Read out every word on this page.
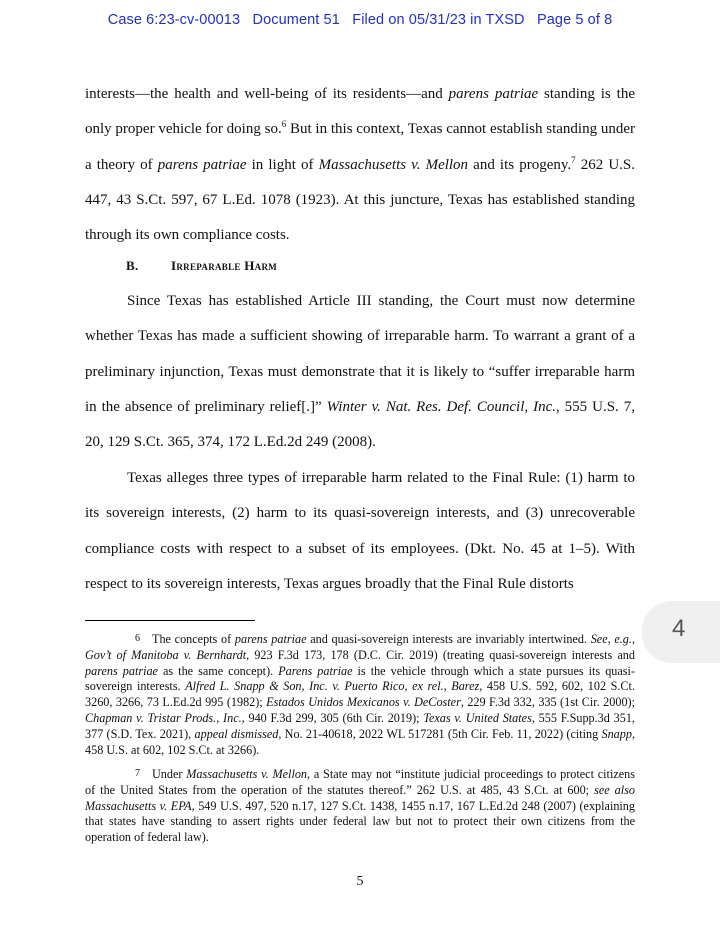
Case 6:23-cv-00013 Document 51 Filed on 05/31/23 in TXSD Page 5 of 8

interests—the health and well-being of its residents—and parens patriae standing is the only proper vehicle for doing so.$^6$ But in this context, Texas cannot establish standing under a theory of parens patriae in light of Massachusetts v. Mellon and its progeny.$^7$ 262 U.S. 447, 43 S.Ct. 597, 67 L.Ed. 1078 (1923). At this juncture, Texas has established standing through its own compliance costs.

B. Irreparable Harm

Since Texas has established Article III standing, the Court must now determine whether Texas has made a sufficient showing of irreparable harm. To warrant a grant of a preliminary injunction, Texas must demonstrate that it is likely to “suffer irreparable harm in the absence of preliminary relief[.]” Winter v. Nat. Res. Def. Council, Inc., 555 U.S. 7, 20, 129 S.Ct. 365, 374, 172 L.Ed.2d 249 (2008).

Texas alleges three types of irreparable harm related to the Final Rule: (1) harm to its sovereign interests, (2) harm to its quasi-sovereign interests, and (3) unrecoverable compliance costs with respect to a subset of its employees. (Dkt. No. 45 at 1–5). With respect to its sovereign interests, Texas argues broadly that the Final Rule distorts

6 The concepts of parens patriae and quasi-sovereign interests are invariably intertwined. See, e.g., Gov’t of Manitoba v. Bernhardt, 923 F.3d 173, 178 (D.C. Cir. 2019) (treating quasi-sovereign interests and parens patriae as the same concept). Parens patriae is the vehicle through which a state pursues its quasi-sovereign interests. Alfred L. Snapp & Son, Inc. v. Puerto Rico, ex rel., Barez, 458 U.S. 592, 602, 102 S.Ct. 3260, 3266, 73 L.Ed.2d 995 (1982); Estados Unidos Mexicanos v. DeCoster, 229 F.3d 332, 335 (1st Cir. 2000); Chapman v. Tristar Prods., Inc., 940 F.3d 299, 305 (6th Cir. 2019); Texas v. United States, 555 F.Supp.3d 351, 377 (S.D. Tex. 2021), appeal dismissed, No. 21-40618, 2022 WL 517281 (5th Cir. Feb. 11, 2022) (citing Snapp, 458 U.S. at 602, 102 S.Ct. at 3266).

7 Under Massachusetts v. Mellon, a State may not “institute judicial proceedings to protect citizens of the United States from the operation of the statutes thereof.” 262 U.S. at 485, 43 S.Ct. at 600; see also Massachusetts v. EPA, 549 U.S. 497, 520 n.17, 127 S.Ct. 1438, 1455 n.17, 167 L.Ed.2d 248 (2007) (explaining that states have standing to assert rights under federal law but not to protect their own citizens from the operation of federal law).

5
4
